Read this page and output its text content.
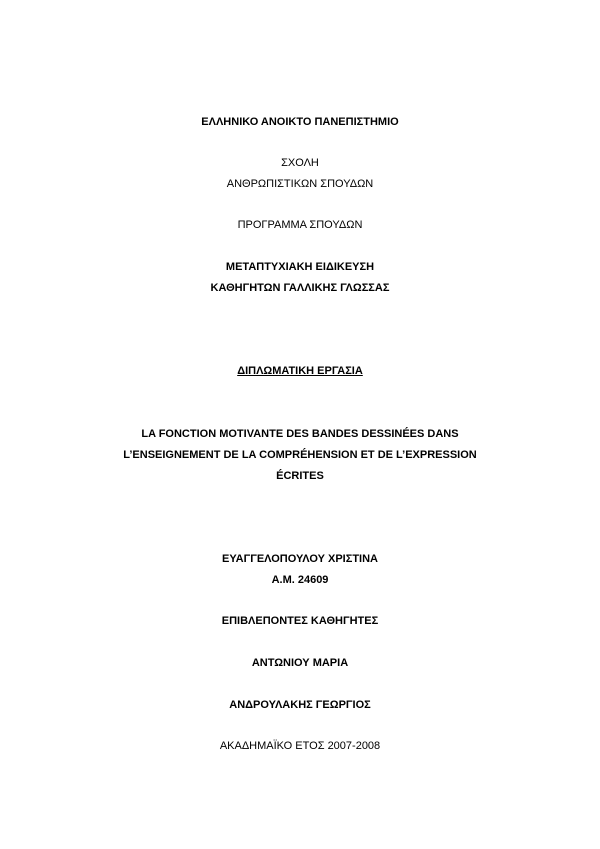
ΕΛΛΗΝΙΚΟ ΑΝΟΙΚΤΟ ΠΑΝΕΠΙΣΤΗΜΙΟ
ΣΧΟΛΗ
ΑΝΘΡΩΠΙΣΤΙΚΩΝ ΣΠΟΥΔΩΝ
ΠΡΟΓΡΑΜΜΑ ΣΠΟΥΔΩΝ
ΜΕΤΑΠΤΥΧΙΑΚΗ ΕΙΔΙΚΕΥΣΗ
ΚΑΘΗΓΗΤΩΝ ΓΑΛΛΙΚΗΣ ΓΛΩΣΣΑΣ
ΔΙΠΛΩΜΑΤΙΚΗ ΕΡΓΑΣΙΑ
LA FONCTION MOTIVANTE DES BANDES DESSINÉES DANS
L’ENSEIGNEMENT DE LA COMPRÉHENSION ET DE L’EXPRESSION
ÉCRITES
ΕΥΑΓΓΕΛΟΠΟΥΛΟΥ ΧΡΙΣΤΙΝΑ
Α.Μ. 24609
ΕΠΙΒΛΕΠΟΝΤΕΣ ΚΑΘΗΓΗΤΕΣ
ΑΝΤΩΝΙΟΥ ΜΑΡΙΑ
ΑΝΔΡΟΥΛΑΚΗΣ ΓΕΩΡΓΙΟΣ
ΑΚΑΔΗΜΑΪΚΟ ΕΤΟΣ 2007-2008
